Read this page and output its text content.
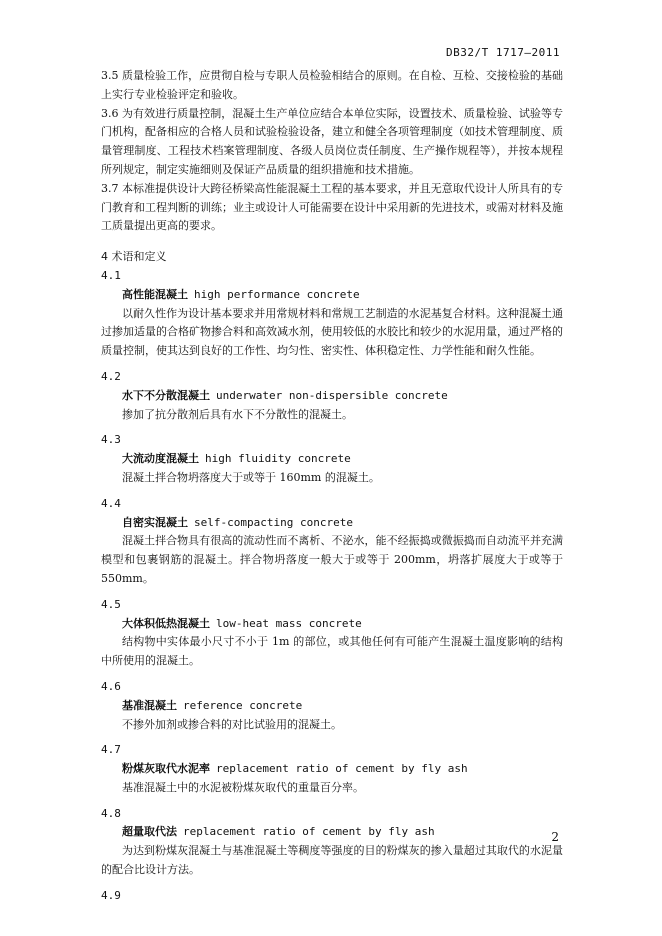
DB32/T 1717—2011

3.5 质量检验工作，应贯彻自检与专职人员检验相结合的原则。在自检、互检、交接检验的基础上实行专业检验评定和验收。

3.6 为有效进行质量控制，混凝土生产单位应结合本单位实际，设置技术、质量检验、试验等专门机构，配备相应的合格人员和试验检验设备，建立和健全各项管理制度（如技术管理制度、质量管理制度、工程技术档案管理制度、各级人员岗位责任制度、生产操作规程等），并按本规程所列规定，制定实施细则及保证产品质量的组织措施和技术措施。

3.7 本标准提供设计大跨径桥梁高性能混凝土工程的基本要求，并且无意取代设计人所具有的专门教育和工程判断的训练；业主或设计人可能需要在设计中采用新的先进技术，或需对材料及施工质量提出更高的要求。

4 术语和定义
4.1
高性能混凝土 high performance concrete

以耐久性作为设计基本要求并用常规材料和常规工艺制造的水泥基复合材料。这种混凝土通过掺加适量的合格矿物掺合料和高效减水剂，使用较低的水胶比和较少的水泥用量，通过严格的质量控制，使其达到良好的工作性、均匀性、密实性、体积稳定性、力学性能和耐久性能。

4.2
水下不分散混凝土 underwater non-dispersible concrete

掺加了抗分散剂后具有水下不分散性的混凝土。

4.3
大流动度混凝土 high fluidity concrete

混凝土拌合物坍落度大于或等于 160mm 的混凝土。

4.4
自密实混凝土 self-compacting concrete

混凝土拌合物具有很高的流动性而不离析、不泌水，能不经振捣或微振捣而自动流平并充满模型和包裹钢筋的混凝土。拌合物坍落度一般大于或等于 200mm，坍落扩展度大于或等于 550mm。

4.5
大体积低热混凝土 low-heat mass concrete

结构物中实体最小尺寸不小于 1m 的部位，或其他任何有可能产生混凝土温度影响的结构中所使用的混凝土。

4.6
基准混凝土 reference concrete

不掺外加剂或掺合料的对比试验用的混凝土。

4.7
粉煤灰取代水泥率 replacement ratio of cement by fly ash

基准混凝土中的水泥被粉煤灰取代的重量百分率。

4.8
超量取代法 replacement ratio of cement by fly ash

为达到粉煤灰混凝土与基准混凝土等稠度等强度的目的粉煤灰的掺入量超过其取代的水泥量的配合比设计方法。

4.9
2
